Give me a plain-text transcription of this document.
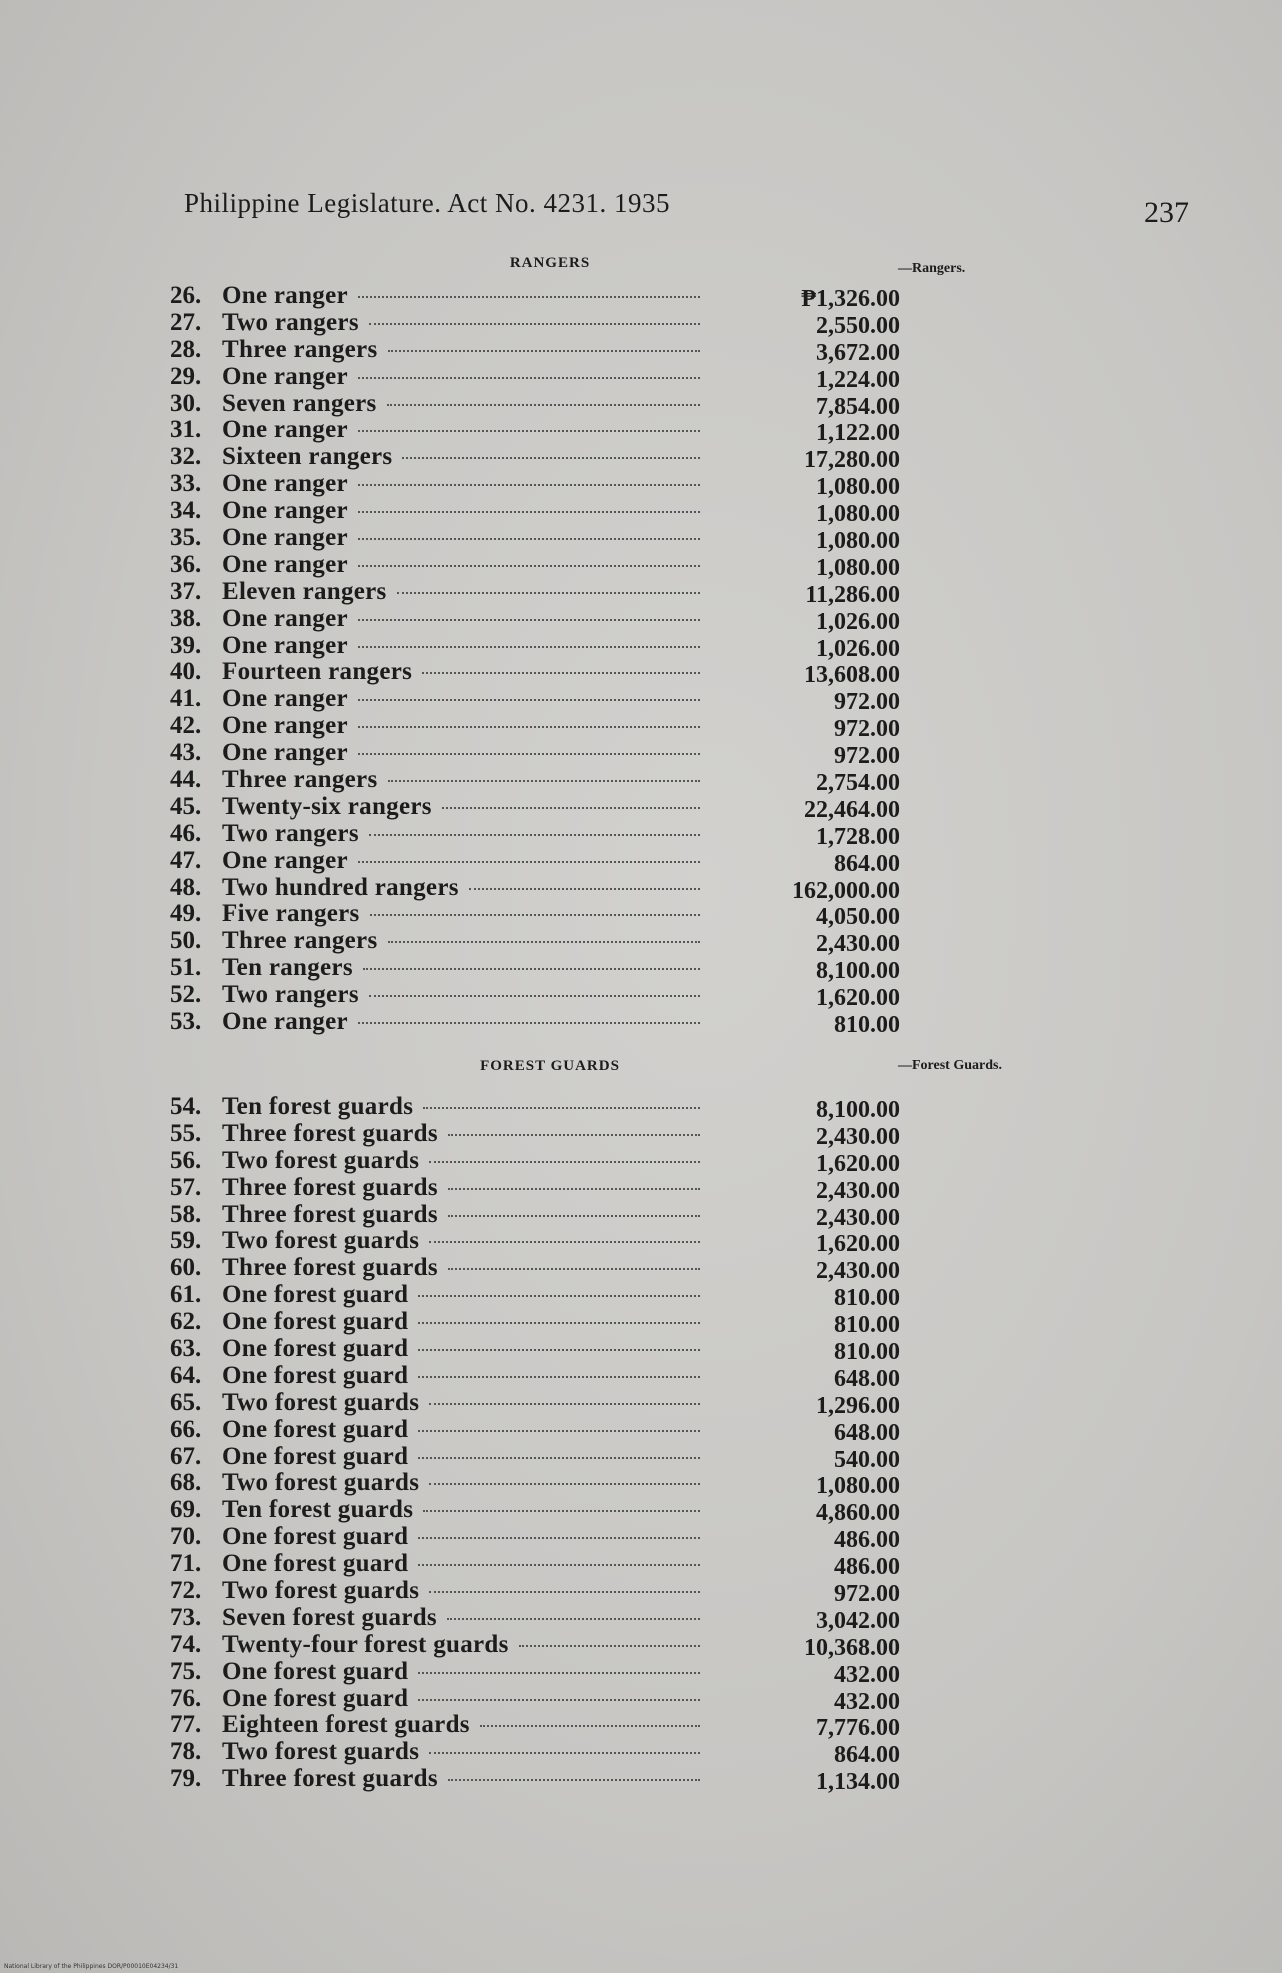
Philippine Legislature. Act No. 4231. 1935	237
RANGERS	—Rangers.
26. One ranger	₱1,326.00
27. Two rangers	2,550.00
28. Three rangers	3,672.00
29. One ranger	1,224.00
30. Seven rangers	7,854.00
31. One ranger	1,122.00
32. Sixteen rangers	17,280.00
33. One ranger	1,080.00
34. One ranger	1,080.00
35. One ranger	1,080.00
36. One ranger	1,080.00
37. Eleven rangers	11,286.00
38. One ranger	1,026.00
39. One ranger	1,026.00
40. Fourteen rangers	13,608.00
41. One ranger	972.00
42. One ranger	972.00
43. One ranger	972.00
44. Three rangers	2,754.00
45. Twenty-six rangers	22,464.00
46. Two rangers	1,728.00
47. One ranger	864.00
48. Two hundred rangers	162,000.00
49. Five rangers	4,050.00
50. Three rangers	2,430.00
51. Ten rangers	8,100.00
52. Two rangers	1,620.00
53. One ranger	810.00
FOREST GUARDS	—Forest Guards.
54. Ten forest guards	8,100.00
55. Three forest guards	2,430.00
56. Two forest guards	1,620.00
57. Three forest guards	2,430.00
58. Three forest guards	2,430.00
59. Two forest guards	1,620.00
60. Three forest guards	2,430.00
61. One forest guard	810.00
62. One forest guard	810.00
63. One forest guard	810.00
64. One forest guard	648.00
65. Two forest guards	1,296.00
66. One forest guard	648.00
67. One forest guard	540.00
68. Two forest guards	1,080.00
69. Ten forest guards	4,860.00
70. One forest guard	486.00
71. One forest guard	486.00
72. Two forest guards	972.00
73. Seven forest guards	3,042.00
74. Twenty-four forest guards	10,368.00
75. One forest guard	432.00
76. One forest guard	432.00
77. Eighteen forest guards	7,776.00
78. Two forest guards	864.00
79. Three forest guards	1,134.00
National Library of the Philippines DOR/P00010E04234/31
